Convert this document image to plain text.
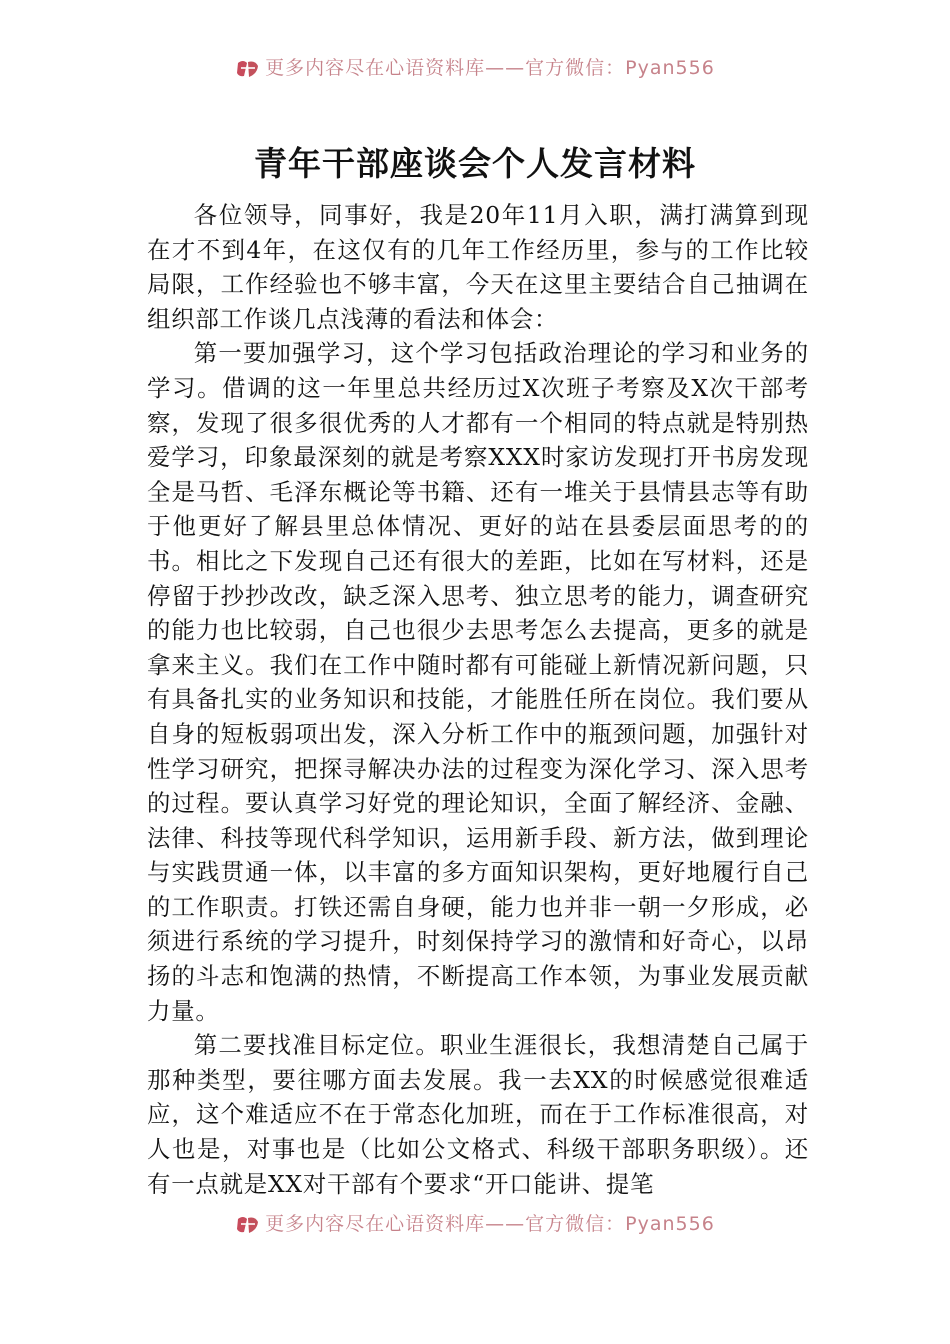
更多内容尽在心语资料库——官方微信：Pyan556
青年干部座谈会个人发言材料

各位领导，同事好，我是20年11月入职，满打满算到现在才不到4年，在这仅有的几年工作经历里，参与的工作比较局限，工作经验也不够丰富，今天在这里主要结合自己抽调在组织部工作谈几点浅薄的看法和体会：

第一要加强学习，这个学习包括政治理论的学习和业务的学习。借调的这一年里总共经历过X次班子考察及X次干部考察，发现了很多很优秀的人才都有一个相同的特点就是特别热爱学习，印象最深刻的就是考察XXX时家访发现打开书房发现全是马哲、毛泽东概论等书籍、还有一堆关于县情县志等有助于他更好了解县里总体情况、更好的站在县委层面思考的的书。相比之下发现自己还有很大的差距，比如在写材料，还是停留于抄抄改改，缺乏深入思考、独立思考的能力，调查研究的能力也比较弱，自己也很少去思考怎么去提高，更多的就是拿来主义。我们在工作中随时都有可能碰上新情况新问题，只有具备扎实的业务知识和技能，才能胜任所在岗位。我们要从自身的短板弱项出发，深入分析工作中的瓶颈问题，加强针对性学习研究，把探寻解决办法的过程变为深化学习、深入思考的过程。要认真学习好党的理论知识，全面了解经济、金融、法律、科技等现代科学知识，运用新手段、新方法，做到理论与实践贯通一体，以丰富的多方面知识架构，更好地履行自己的工作职责。打铁还需自身硬，能力也并非一朝一夕形成，必须进行系统的学习提升，时刻保持学习的激情和好奇心，以昂扬的斗志和饱满的热情，不断提高工作本领，为事业发展贡献力量。

第二要找准目标定位。职业生涯很长，我想清楚自己属于那种类型，要往哪方面去发展。我一去XX的时候感觉很难适应，这个难适应不在于常态化加班，而在于工作标准很高，对人也是，对事也是（比如公文格式、科级干部职务职级）。还有一点就是XX对干部有个要求“开口能讲、提笔

更多内容尽在心语资料库——官方微信：Pyan556
